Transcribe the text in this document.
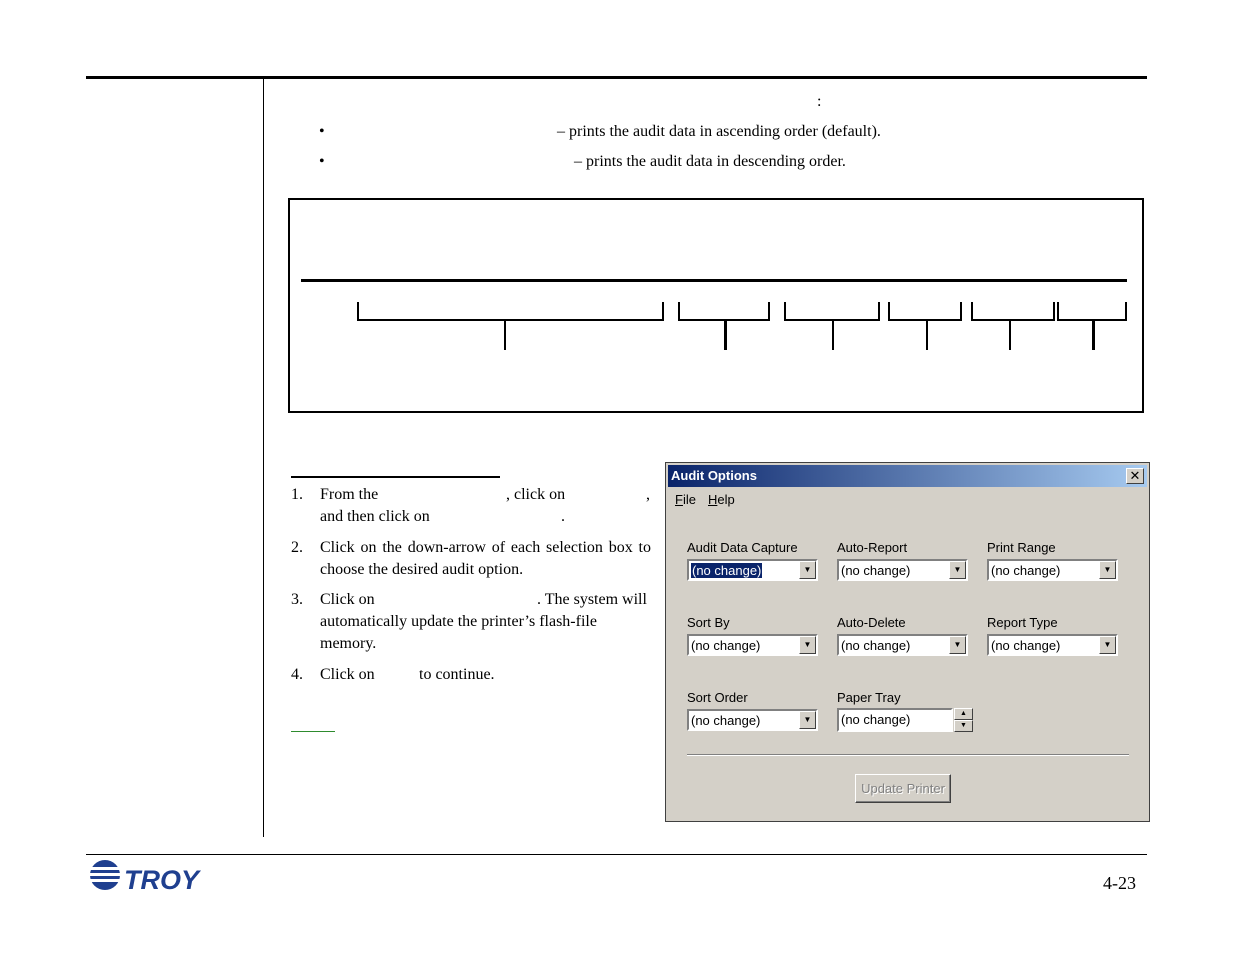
:
•	– prints the audit data in ascending order (default).
•	– prints the audit data in descending order.
1. From the	, click on	,
and then click on	.
2. Click on the down-arrow of each selection box to choose the desired audit option.
3. Click on	. The system will
automatically update the printer’s flash-file
memory.
4. Click on	to continue.
Audit Options	✕
File Help
Audit Data Capture
(no change)	▼
Auto-Report
(no change)	▼
Print Range
(no change)	▼
Sort By
(no change)	▼
Auto-Delete
(no change)	▼
Report Type
(no change)	▼
Sort Order
(no change)	▼
Paper Tray
(no change)	▲
▼
Update Printer
TROY	4-23
